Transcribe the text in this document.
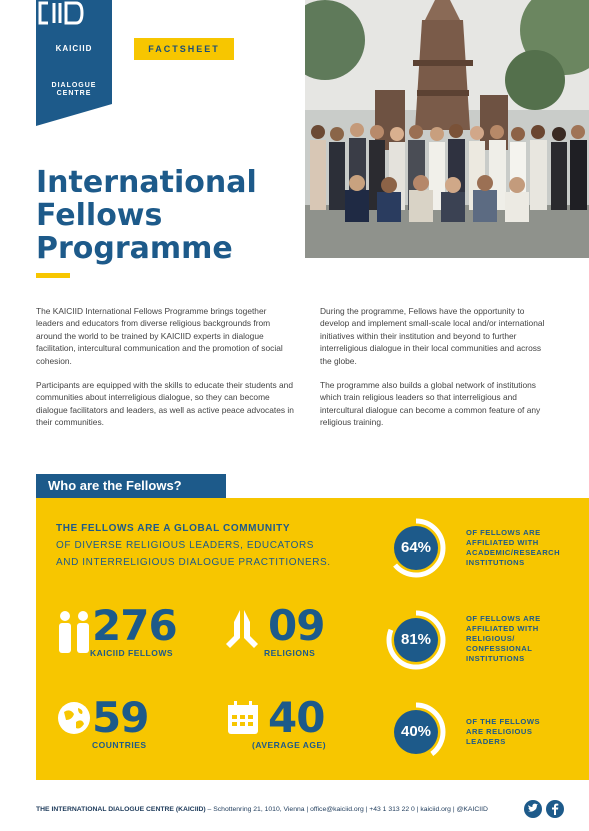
KAICIID
DIALOGUE
CENTRE
FACTSHEET
International
Fellows
Programme

The KAICIID International Fellows Programme brings together leaders and educators from diverse religious backgrounds from around the world to be trained by KAICIID experts in dialogue facilitation, intercultural communication and the promotion of social cohesion.

Participants are equipped with the skills to educate their students and communities about interreligious dialogue, so they can become dialogue facilitators and leaders, as well as active peace advocates in their communities.

During the programme, Fellows have the opportunity to develop and implement small-scale local and/or international initiatives within their institution and beyond to further interreligious dialogue in their local communities and across the globe.

The programme also builds a global network of institutions which train religious leaders so that interreligious and intercultural dialogue can become a common feature of any religious training.

Who are the Fellows?
THE FELLOWS ARE A GLOBAL COMMUNITY
OF DIVERSE RELIGIOUS LEADERS, EDUCATORS
AND INTERRELIGIOUS DIALOGUE PRACTITIONERS.
276
KAICIID FELLOWS
09
RELIGIONS
59
COUNTRIES
40
(AVERAGE AGE)
64%
OF FELLOWS ARE
AFFILIATED WITH
ACADEMIC/RESEARCH
INSTITUTIONS
81%
OF FELLOWS ARE
AFFILIATED WITH
RELIGIOUS/
CONFESSIONAL
INSTITUTIONS
40%
OF THE FELLOWS
ARE RELIGIOUS
LEADERS
THE INTERNATIONAL DIALOGUE CENTRE (KAICIID) – Schottenring 21, 1010, Vienna | office@kaiciid.org | +43 1 313 22 0 | kaiciid.org | @KAICIID
